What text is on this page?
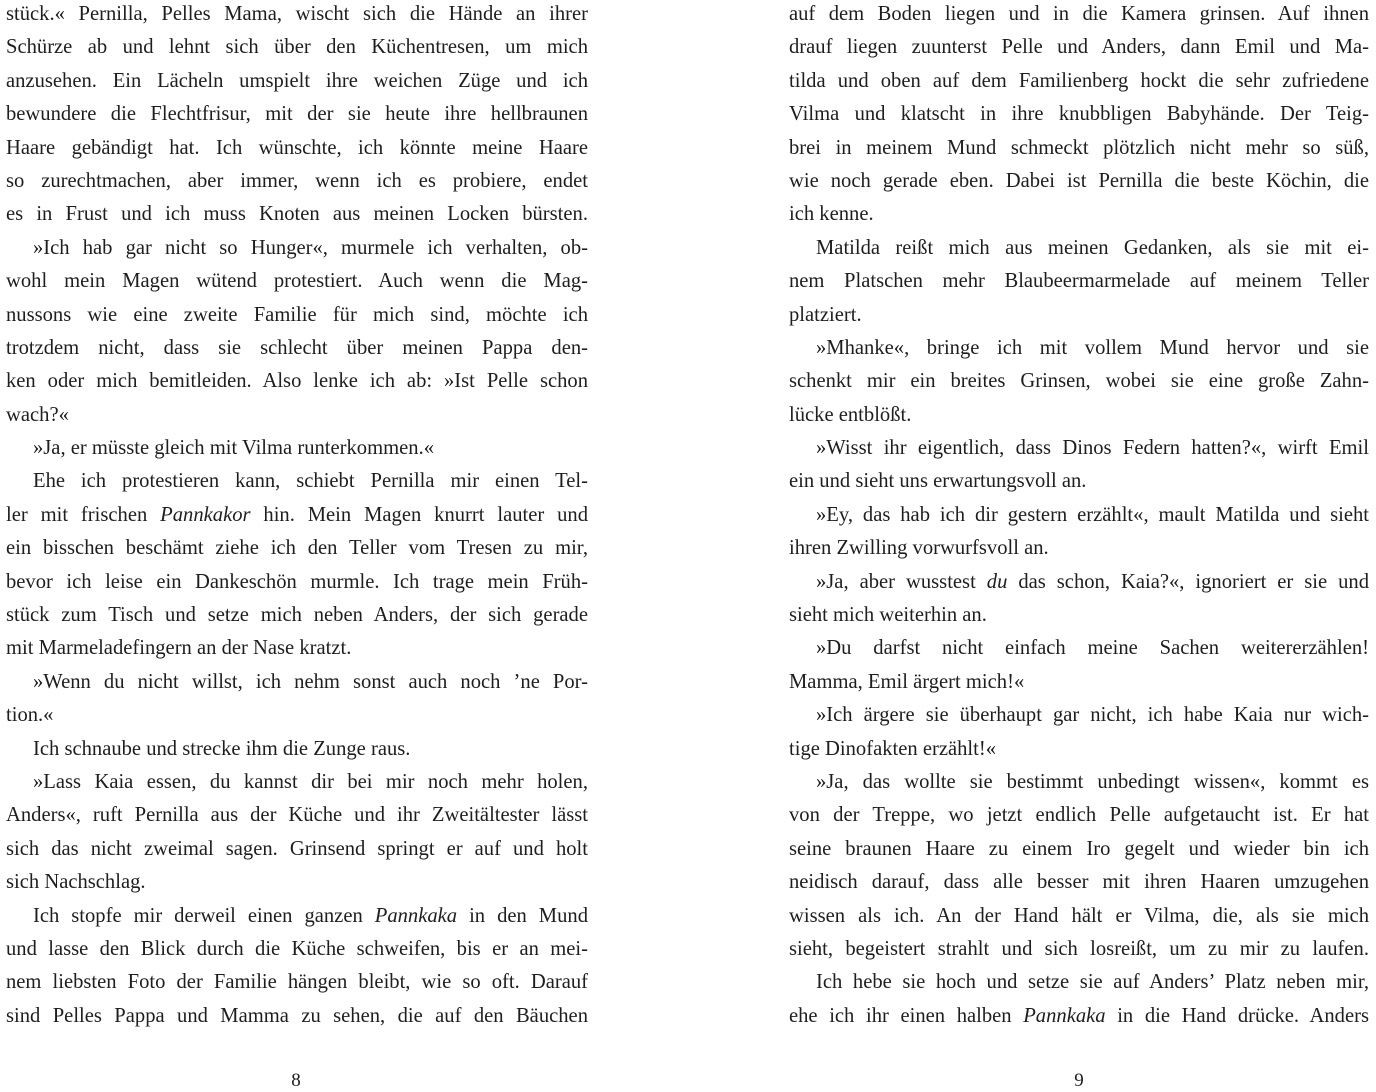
stück.« Pernilla, Pelles Mama, wischt sich die Hände an ihrer
Schürze ab und lehnt sich über den Küchentresen, um mich
anzusehen. Ein Lächeln umspielt ihre weichen Züge und ich
bewundere die Flechtfrisur, mit der sie heute ihre hellbraunen
Haare gebändigt hat. Ich wünschte, ich könnte meine Haare
so zurechtmachen, aber immer, wenn ich es probiere, endet
es in Frust und ich muss Knoten aus meinen Locken bürsten.
»Ich hab gar nicht so Hunger«, murmele ich verhalten, ob-
wohl mein Magen wütend protestiert. Auch wenn die Mag-
nussons wie eine zweite Familie für mich sind, möchte ich
trotzdem nicht, dass sie schlecht über meinen Pappa den-
ken oder mich bemitleiden. Also lenke ich ab: »Ist Pelle schon
wach?«
»Ja, er müsste gleich mit Vilma runterkommen.«
Ehe ich protestieren kann, schiebt Pernilla mir einen Tel-
ler mit frischen Pannkakor hin. Mein Magen knurrt lauter und
ein bisschen beschämt ziehe ich den Teller vom Tresen zu mir,
bevor ich leise ein Dankeschön murmle. Ich trage mein Früh-
stück zum Tisch und setze mich neben Anders, der sich gerade
mit Marmeladefingern an der Nase kratzt.
»Wenn du nicht willst, ich nehm sonst auch noch ’ne Por-
tion.«
Ich schnaube und strecke ihm die Zunge raus.
»Lass Kaia essen, du kannst dir bei mir noch mehr holen,
Anders«, ruft Pernilla aus der Küche und ihr Zweitältester lässt
sich das nicht zweimal sagen. Grinsend springt er auf und holt
sich Nachschlag.
Ich stopfe mir derweil einen ganzen Pannkaka in den Mund
und lasse den Blick durch die Küche schweifen, bis er an mei-
nem liebsten Foto der Familie hängen bleibt, wie so oft. Darauf
sind Pelles Pappa und Mamma zu sehen, die auf den Bäuchen
8
auf dem Boden liegen und in die Kamera grinsen. Auf ihnen
drauf liegen zuunterst Pelle und Anders, dann Emil und Ma-
tilda und oben auf dem Familienberg hockt die sehr zufriedene
Vilma und klatscht in ihre knubbligen Babyhände. Der Teig-
brei in meinem Mund schmeckt plötzlich nicht mehr so süß,
wie noch gerade eben. Dabei ist Pernilla die beste Köchin, die
ich kenne.
Matilda reißt mich aus meinen Gedanken, als sie mit ei-
nem Platschen mehr Blaubeermarmelade auf meinem Teller
platziert.
»Mhanke«, bringe ich mit vollem Mund hervor und sie
schenkt mir ein breites Grinsen, wobei sie eine große Zahn-
lücke entblößt.
»Wisst ihr eigentlich, dass Dinos Federn hatten?«, wirft Emil
ein und sieht uns erwartungsvoll an.
»Ey, das hab ich dir gestern erzählt«, mault Matilda und sieht
ihren Zwilling vorwurfsvoll an.
»Ja, aber wusstest du das schon, Kaia?«, ignoriert er sie und
sieht mich weiterhin an.
»Du darfst nicht einfach meine Sachen weitererzählen!
Mamma, Emil ärgert mich!«
»Ich ärgere sie überhaupt gar nicht, ich habe Kaia nur wich-
tige Dinofakten erzählt!«
»Ja, das wollte sie bestimmt unbedingt wissen«, kommt es
von der Treppe, wo jetzt endlich Pelle aufgetaucht ist. Er hat
seine braunen Haare zu einem Iro gegelt und wieder bin ich
neidisch darauf, dass alle besser mit ihren Haaren umzugehen
wissen als ich. An der Hand hält er Vilma, die, als sie mich
sieht, begeistert strahlt und sich losreißt, um zu mir zu laufen.
Ich hebe sie hoch und setze sie auf Anders’ Platz neben mir,
ehe ich ihr einen halben Pannkaka in die Hand drücke. Anders
9
